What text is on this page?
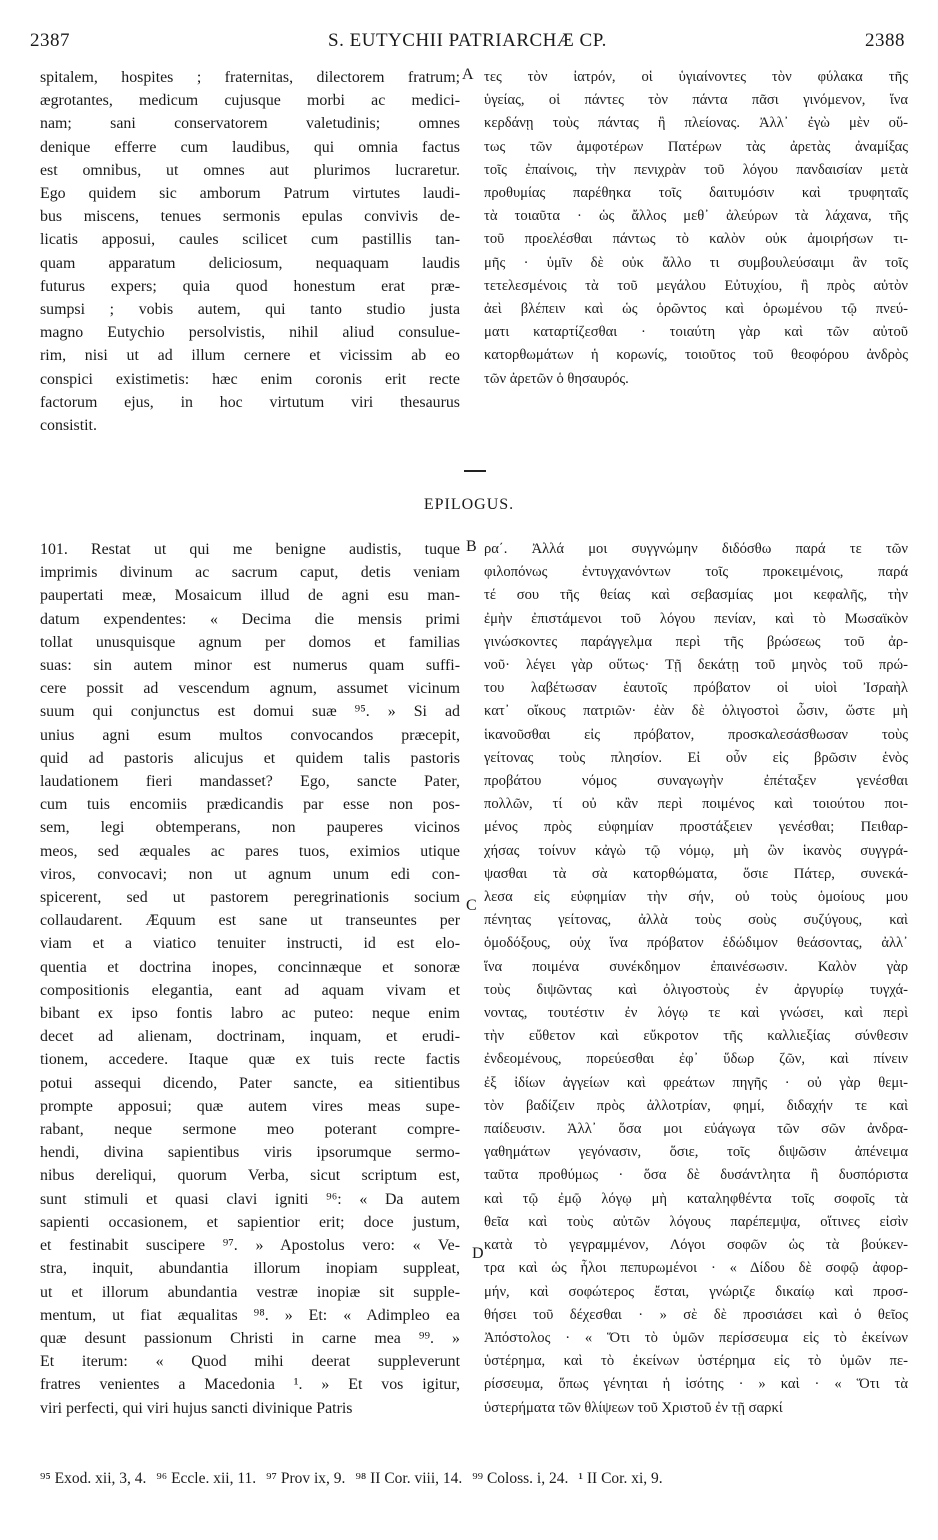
2387	S. EUTYCHII PATRIARCHÆ CP.	2388
spitalem, hospites ; fraternitas, dilectorem fratrum;
ægrotantes, medicum cujusque morbi ac medici-
nam; sani conservatorem valetudinis; omnes
denique efferre cum laudibus, qui omnia factus
est omnibus, ut omnes aut plurimos lucraretur.
Ego quidem sic amborum Patrum virtutes laudi-
bus miscens, tenues sermonis epulas convivis de-
licatis apposui, caules scilicet cum pastillis tan-
quam apparatum deliciosum, nequaquam laudis
futurus expers; quia quod honestum erat præ-
sumpsi ; vobis autem, qui tanto studio justa
magno Eutychio persolvistis, nihil aliud consulue-
rim, nisi ut ad illum cernere et vicissim ab eo
conspici existimetis: hæc enim coronis erit recte
factorum ejus, in hoc virtutum viri thesaurus
consistit.
A τες τὸν ἰατρόν, οἱ ὑγιαίνοντες τὸν φύλακα τῆς
ὑγείας, οἱ πάντες τὸν πάντα πᾶσι γινόμενον, ἵνα
κερδάνῃ τοὺς πάντας ἢ πλείονας. Ἀλλ᾽ ἐγὼ μὲν οὕ-
τως τῶν ἀμφοτέρων Πατέρων τὰς ἀρετὰς ἀναμίξας
τοῖς ἐπαίνοις, τὴν πενιχρὰν τοῦ λόγου πανδαισίαν μετὰ
προθυμίας παρέθηκα τοῖς δαιτυμόσιν καὶ τρυφηταῖς
τὰ τοιαῦτα · ὡς ἄλλος μεθ᾽ ἀλεύρων τὰ λάχανα, τῆς
τοῦ προελέσθαι πάντως τὸ καλὸν οὐκ ἀμοιρήσων τι-
μῆς · ὑμῖν δὲ οὐκ ἄλλο τι συμβουλεύσαιμι ἂν τοῖς
τετελεσμένοις τὰ τοῦ μεγάλου Εὐτυχίου, ἢ πρὸς αὐτὸν
ἀεὶ βλέπειν καὶ ὡς ὁρῶντος καὶ ὁρωμένου τῷ πνεύ-
ματι καταρτίζεσθαι · τοιαύτη γὰρ καὶ τῶν αὐτοῦ
κατορθωμάτων ἡ κορωνίς, τοιοῦτος τοῦ θεοφόρου ἀνδρὸς
τῶν ἀρετῶν ὁ θησαυρός.
EPILOGUS.
101. Restat ut qui me benigne audistis, tuque
imprimis divinum ac sacrum caput, detis veniam
paupertati meæ, Mosaicum illud de agni esu man-
datum expendentes: « Decima die mensis primi
tollat unusquisque agnum per domos et familias
suas: sin autem minor est numerus quam suffi-
cere possit ad vescendum agnum, assumet vicinum
suum qui conjunctus est domui suæ ⁹⁵. » Si ad
unius agni esum multos convocandos præcepit,
quid ad pastoris alicujus et quidem talis pastoris
laudationem fieri mandasset? Ego, sancte Pater,
cum tuis encomiis prædicandis par esse non pos-
sem, legi obtemperans, non pauperes vicinos
meos, sed æquales ac pares tuos, eximios utique
viros, convocavi; non ut agnum unum edi con-
spicerent, sed ut pastorem peregrinationis socium
collaudarent. Æquum est sane ut transeuntes per
viam et a viatico tenuiter instructi, id est elo-
quentia et doctrina inopes, concinnæque et sonoræ
compositionis elegantia, eant ad aquam vivam et
bibant ex ipso fontis labro ac puteo: neque enim
decet ad alienam, doctrinam, inquam, et erudi-
tionem, accedere. Itaque quæ ex tuis recte factis
potui assequi dicendo, Pater sancte, ea sitientibus
prompte apposui; quæ autem vires meas supe-
rabant, neque sermone meo poterant compre-
hendi, divina sapientibus viris ipsorumque sermo-
nibus dereliqui, quorum Verba, sicut scriptum est,
sunt stimuli et quasi clavi igniti ⁹⁶: « Da autem
sapienti occasionem, et sapientior erit; doce justum,
et festinabit suscipere ⁹⁷. » Apostolus vero: « Ve-
stra, inquit, abundantia illorum inopiam suppleat,
ut et illorum abundantia vestræ inopiæ sit supple-
mentum, ut fiat æqualitas ⁹⁸. » Et: « Adimpleo ea
quæ desunt passionum Christi in carne mea ⁹⁹. »
Et iterum: « Quod mihi deerat suppleverunt
fratres venientes a Macedonia ¹. » Et vos igitur,
viri perfecti, qui viri hujus sancti divinique Patris
B
C
D
ρα΄. Ἀλλά μοι συγγνώμην διδόσθω παρά τε τῶν
φιλοπόνως ἐντυγχανόντων τοῖς προκειμένοις, παρά
τέ σου τῆς θείας καὶ σεβασμίας μοι κεφαλῆς, τὴν
ἐμὴν ἐπιστάμενοι τοῦ λόγου πενίαν, καὶ τὸ Μωσαϊκὸν
γινώσκοντες παράγγελμα περὶ τῆς βρώσεως τοῦ ἀρ-
νοῦ· λέγει γὰρ οὕτως· Τῇ δεκάτῃ τοῦ μηνὸς τοῦ πρώ-
του λαβέτωσαν ἑαυτοῖς πρόβατον οἱ υἱοὶ Ἰσραὴλ
κατ᾽ οἴκους πατριῶν· ἐὰν δὲ ὀλιγοστοὶ ὦσιν, ὥστε μὴ
ἱκανοῦσθαι εἰς πρόβατον, προσκαλεσάσθωσαν τοὺς
γείτονας τοὺς πλησίον. Εἰ οὖν εἰς βρῶσιν ἑνὸς
προβάτου νόμος συναγωγὴν ἐπέταξεν γενέσθαι
πολλῶν, τί οὐ κἂν περὶ ποιμένος καὶ τοιούτου ποι-
μένος πρὸς εὐφημίαν προστάξειεν γενέσθαι; Πειθαρ-
χήσας τοίνυν κἀγὼ τῷ νόμῳ, μὴ ὢν ἱκανὸς συγγρά-
ψασθαι τὰ σὰ κατορθώματα, ὅσιε Πάτερ, συνεκά-
λεσα εἰς εὐφημίαν τὴν σήν, οὐ τοὺς ὁμοίους μου
πένητας γείτονας, ἀλλὰ τοὺς σοὺς συζύγους, καὶ
ὁμοδόξους, οὐχ ἵνα πρόβατον ἐδώδιμον θεάσοντας, ἀλλ᾽
ἵνα ποιμένα συνέκδημον ἐπαινέσωσιν. Καλὸν γὰρ
τοὺς διψῶντας καὶ ὀλιγοστοὺς ἐν ἀργυρίῳ τυγχά-
νοντας, τουτέστιν ἐν λόγῳ τε καὶ γνώσει, καὶ περὶ
τὴν εὔθετον καὶ εὔκροτον τῆς καλλιεξίας σύνθεσιν
ἐνδεομένους, πορεύεσθαι ἐφ᾽ ὕδωρ ζῶν, καὶ πίνειν
ἐξ ἰδίων ἀγγείων καὶ φρεάτων πηγῆς · οὐ γὰρ θεμι-
τὸν βαδίζειν πρὸς ἀλλοτρίαν, φημί, διδαχήν τε καὶ
παίδευσιν. Ἀλλ᾽ ὅσα μοι εὐάγωγα τῶν σῶν ἀνδρα-
γαθημάτων γεγόνασιν, ὅσιε, τοῖς διψῶσιν ἀπένειμα
ταῦτα προθύμως · ὅσα δὲ δυσάντλητα ἢ δυσπόριστα
καὶ τῷ ἐμῷ λόγῳ μὴ καταληφθέντα τοῖς σοφοῖς τὰ
θεῖα καὶ τοὺς αὐτῶν λόγους παρέπεμψα, οἵτινες εἰσὶν
κατὰ τὸ γεγραμμένον, Λόγοι σοφῶν ὡς τὰ βούκεν-
τρα καὶ ὡς ἧλοι πεπυρωμένοι · « Δίδου δὲ σοφῷ ἀφορ-
μήν, καὶ σοφώτερος ἔσται, γνώριζε δικαίῳ καὶ προσ-
θήσει τοῦ δέχεσθαι · » σὲ δὲ προσιάσει καὶ ὁ θεῖος
Ἀπόστολος · « Ὅτι τὸ ὑμῶν περίσσευμα εἰς τὸ ἐκείνων
ὑστέρημα, καὶ τὸ ἐκείνων ὑστέρημα εἰς τὸ ὑμῶν πε-
ρίσσευμα, ὅπως γένηται ἡ ἰσότης · » καὶ · « Ὅτι τὰ
ὑστερήματα τῶν θλίψεων τοῦ Χριστοῦ ἐν τῇ σαρκί
⁹⁵ Exod. xii, 3, 4. ⁹⁶ Eccle. xii, 11. ⁹⁷ Prov ix, 9. ⁹⁸ II Cor. viii, 14. ⁹⁹ Coloss. i, 24. ¹ II Cor. xi, 9.
